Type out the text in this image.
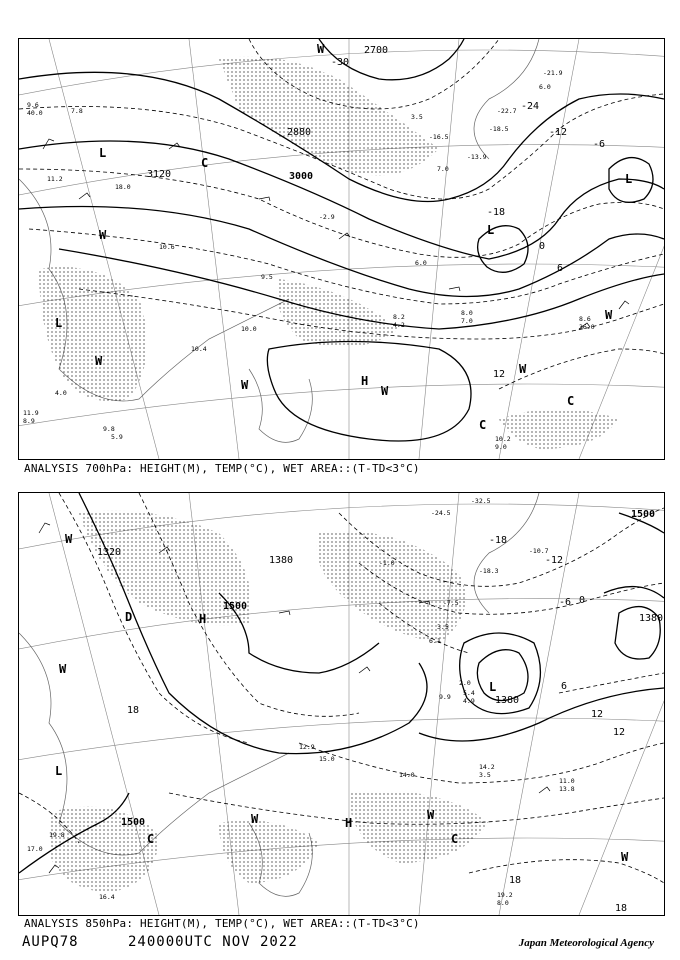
2700
2880
3000
3120
-30
-24
-18
-12
-6
0
6
12
H
L
L
L
L
W
W
W	W
W
W
W
C
C
C
7.8
11.2
9.6
40.0
18.0
10.6
9.5
-2.9
3.5
-16.5
-18.5
-13.9
-22.7
-21.9
6.0
7.0
8.2
4.2
8.0
7.0	8.6
36.0
10.2
9.0
10.0
10.4
6.0
4.0
11.9
8.9
9.8
5.9
ANALYSIS 700hPa: HEIGHT(M), TEMP(°C), WET AREA::(T-TD<3°C)
1320
1380
1380
1380
1500
1500
1500
-18
-12
-6 0
6
12
12
18
18
18
H
H
L
L
D
W
W
W	W
W
C	C
-32.5
-24.5
-18.3
-10.7
-7.5
-1.0
3.5
6.1
14.2
3.5
11.0
13.8
19.2
8.0
17.0
19.8
16.4
2.0
5.4
4.9
9.9
15.0
12.9
14.0
ANALYSIS 850hPa: HEIGHT(M), TEMP(°C), WET AREA::(T-TD<3°C)
AUPQ78	240000UTC NOV 2022	Japan Meteorological Agency
